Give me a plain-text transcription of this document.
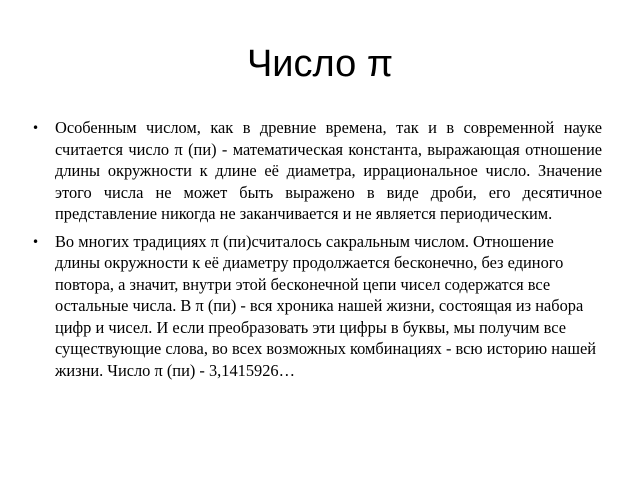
Число π
• Особенным числом, как в древние времена, так и в современной науке считается число π (пи) - математическая константа, выражающая отношение длины окружности к длине её диаметра, иррациональное число. Значение этого числа не может быть выражено в виде дроби, его десятичное представление никогда не заканчивается и не является периодическим.
• Во многих традициях π (пи)считалось сакральным числом. Отношение длины окружности к её диаметру продолжается бесконечно, без единого повтора, а значит, внутри этой бесконечной цепи чисел содержатся все остальные числа. В π (пи) - вся хроника нашей жизни, состоящая из набора цифр и чисел. И если преобразовать эти цифры в буквы, мы получим все существующие слова, во всех возможных комбинациях - всю историю нашей жизни. Число π (пи) - 3,1415926…
